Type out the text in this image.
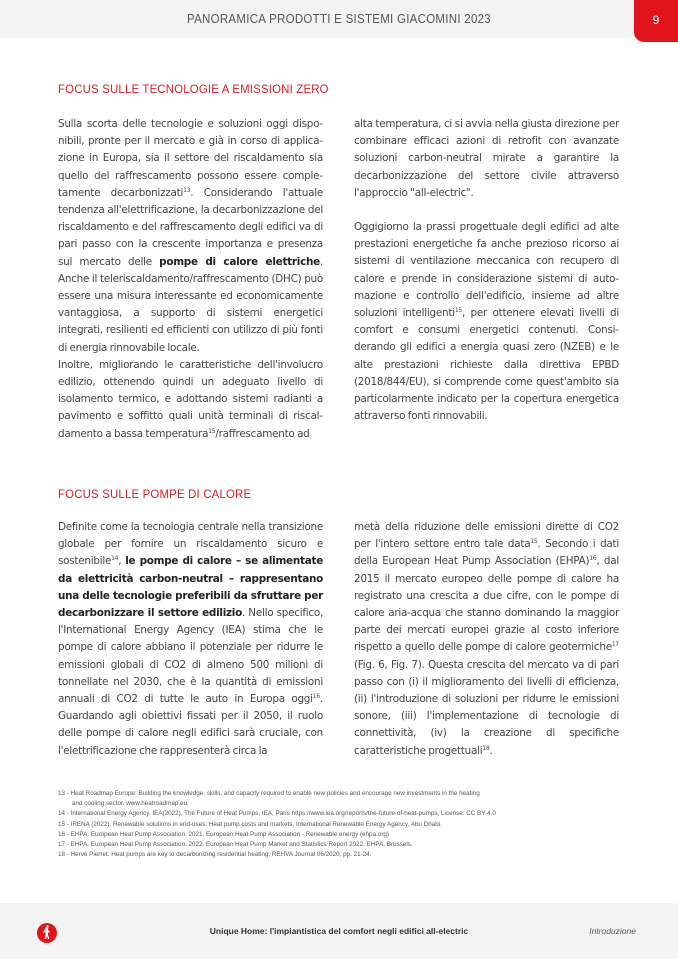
PANORAMICA PRODOTTI E SISTEMI GIACOMINI 2023	9
FOCUS SULLE TECNOLOGIE A EMISSIONI ZERO

Sulla scorta delle tecnologie e soluzioni oggi disponibili, pronte per il mercato e già in corso di applicazione in Europa, sia il settore del riscaldamento sia quello del raffrescamento possono essere completamente decarbonizzati$^{13}$. Considerando l'attuale tendenza all'elettrificazione, la decarbonizzazione del riscaldamento e del raffrescamento degli edifici va di pari passo con la crescente importanza e presenza sul mercato delle pompe di calore elettriche. Anche il teleriscaldamento/raffrescamento (DHC) può essere una misura interessante ed economicamente vantaggiosa, a supporto di sistemi energetici integrati, resilienti ed efficienti con utilizzo di più fonti di energia rinnovabile locale.

Inoltre, migliorando le caratteristiche dell'involucro edilizio, ottenendo quindi un adeguato livello di isolamento termico, e adottando sistemi radianti a pavimento e soffitto quali unità terminali di riscaldamento a bassa temperatura$^{15}$/raffrescamento ad

alta temperatura, ci si avvia nella giusta direzione per combinare efficaci azioni di retrofit con avanzate soluzioni carbon-neutral mirate a garantire la decarbonizzazione del settore civile attraverso l'approccio "all-electric".

Oggigiorno la prassi progettuale degli edifici ad alte prestazioni energetiche fa anche prezioso ricorso ai sistemi di ventilazione meccanica con recupero di calore e prende in considerazione sistemi di automazione e controllo dell'edificio, insieme ad altre soluzioni intelligenti$^{15}$, per ottenere elevati livelli di comfort e consumi energetici contenuti. Considerando gli edifici a energia quasi zero (NZEB) e le alte prestazioni richieste dalla direttiva EPBD (2018/844/EU), si comprende come quest'ambito sia particolarmente indicato per la copertura energetica attraverso fonti rinnovabili.

FOCUS SULLE POMPE DI CALORE

Definite come la tecnologia centrale nella transizione globale per fornire un riscaldamento sicuro e sostenibile$^{14}$, le pompe di calore – se alimentate da elettricità carbon-neutral – rappresentano una delle tecnologie preferibili da sfruttare per decarbonizzare il settore edilizio. Nello specifico, l'International Energy Agency (IEA) stima che le pompe di calore abbiano il potenziale per ridurre le emissioni globali di CO2 di almeno 500 milioni di tonnellate nel 2030, che è la quantità di emissioni annuali di CO2 di tutte le auto in Europa oggi$^{16}$. Guardando agli obiettivi fissati per il 2050, il ruolo delle pompe di calore negli edifici sarà cruciale, con l'elettrificazione che rappresenterà circa la

metà della riduzione delle emissioni dirette di CO2 per l'intero settore entro tale data$^{15}$. Secondo i dati della European Heat Pump Association (EHPA)$^{16}$, dal 2015 il mercato europeo delle pompe di calore ha registrato una crescita a due cifre, con le pompe di calore aria-acqua che stanno dominando la maggior parte dei mercati europei grazie al costo inferiore rispetto a quello delle pompe di calore geotermiche$^{17}$ (Fig. 6, Fig. 7). Questa crescita del mercato va di pari passo con (i) il miglioramento dei livelli di efficienza, (ii) l'introduzione di soluzioni per ridurre le emissioni sonore, (iii) l'implementazione di tecnologie di connettività, (iv) la creazione di specifiche caratteristiche progettuali$^{18}$.

13 - Heat Roadmap Europe: Building the knowledge, skills, and capacity required to enable new policies and encourage new investments in the heating
and cooling sector. www.heatroadmap.eu
14 - International Energy Agency. IEA(2022), The Future of Heat Pumps, IEA, Paris https://www.iea.org/reports/the-future-of-heat-pumps, License: CC BY 4.0
15 - IRENA (2022). Renewable solutions in end-uses: Heat pump costs and markets, International Renewable Energy Agency, Abu Dhabi.
16 - EHPA. European Heat Pump Association. 2021. European Heat Pump Association - Renewable energy (ehpa.org)
17 - EHPA. European Heat Pump Association. 2022. European Heat Pump Market and Statistics Report 2022. EHPA, Brussels.
18 - Hervè Pierret. Heat pumps are key to decarbonizing residential heating. REHVA Journal 06/2020, pp. 21-24.
Unique Home: l'impiantistica del comfort negli edifici all-electric	Introduzione
